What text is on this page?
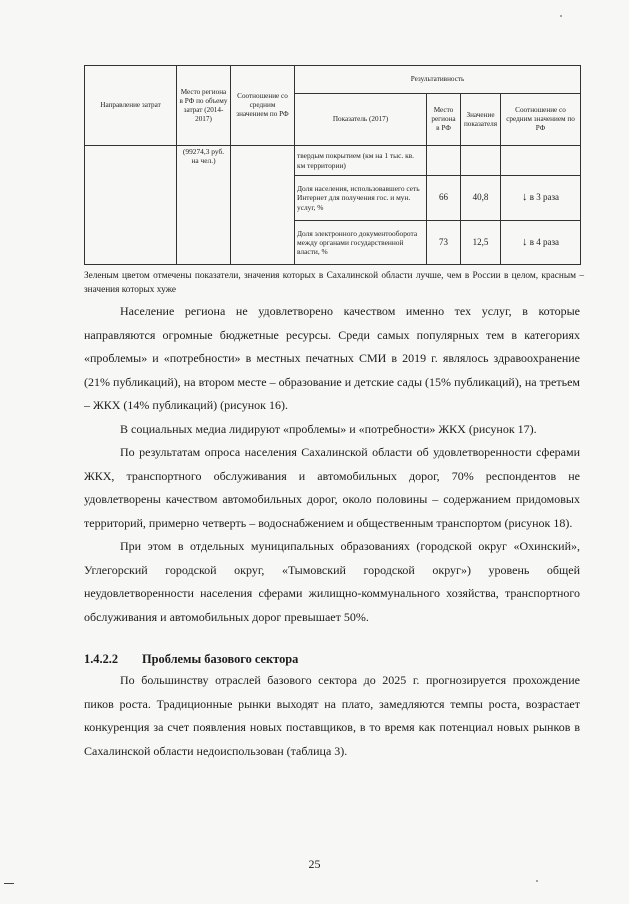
Направление затрат	Место региона в РФ по объему затрат (2014-2017)	Соотношение со средним значением по РФ	Результативность			
			Показатель (2017)	Место региона в РФ	Значение показателя	Соотношение со средним значением по РФ
	(99274,3 руб. на чел.)		твердым покрытием (км на 1 тыс. кв. км территории)			
			Доля населения, использовавшего сеть Интернет для получения гос. и мун. услуг, %	66	40,8	↓ в 3 раза
			Доля электронного документооборота между органами государственной власти, %	73	12,5	↓ в 4 раза
Зеленым цветом отмечены показатели, значения которых в Сахалинской области лучше, чем в России в целом, красным – значения которых хуже

Население региона не удовлетворено качеством именно тех услуг, в которые направляются огромные бюджетные ресурсы. Среди самых популярных тем в категориях «проблемы» и «потребности» в местных печатных СМИ в 2019 г. являлось здравоохранение (21% публикаций), на втором месте – образование и детские сады (15% публикаций), на третьем – ЖКХ (14% публикаций) (рисунок 16).

В социальных медиа лидируют «проблемы» и «потребности» ЖКХ (рисунок 17).

По результатам опроса населения Сахалинской области об удовлетворенности сферами ЖКХ, транспортного обслуживания и автомобильных дорог, 70% респондентов не удовлетворены качеством автомобильных дорог, около половины – содержанием придомовых территорий, примерно четверть – водоснабжением и общественным транспортом (рисунок 18).

При этом в отдельных муниципальных образованиях (городской округ «Охинский», Углегорский городской округ, «Тымовский городской округ») уровень общей неудовлетворенности населения сферами жилищно-коммунального хозяйства, транспортного обслуживания и автомобильных дорог превышает 50%.

1.4.2.2 Проблемы базового сектора

По большинству отраслей базового сектора до 2025 г. прогнозируется прохождение пиков роста. Традиционные рынки выходят на плато, замедляются темпы роста, возрастает конкуренция за счет появления новых поставщиков, в то время как потенциал новых рынков в Сахалинской области недоиспользован (таблица 3).

25
